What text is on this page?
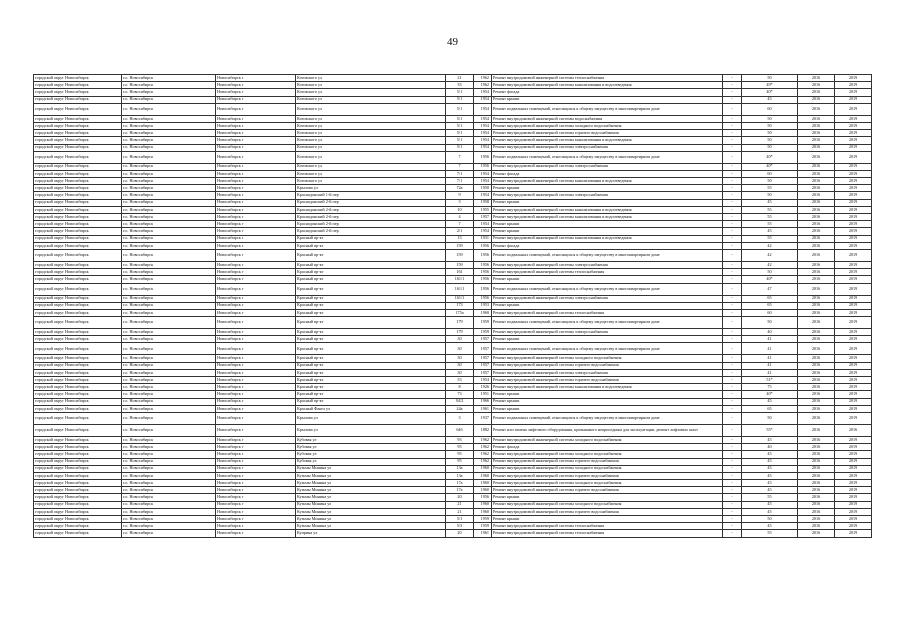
49
городской округ Новосибирск	г.о. Новосибирск	Новосибирск г	Котовского ул	21	1962	Ремонт внутридомовой инженерной системы теплоснабжения	-	50	2016	2019
городской округ Новосибирск	г.о. Новосибирск	Новосибирск г	Котовского ул	35	1962	Ремонт внутридомовой инженерной системы канализования и водоотведения	-	49*	2016	2019
городской округ Новосибирск	г.о. Новосибирск	Новосибирск г	Котовского ул	5/1	1954	Ремонт фасада	-	40*	2016	2019
городской округ Новосибирск	г.о. Новосибирск	Новосибирск г	Котовского ул	5/1	1954	Ремонт крыши	-	45	2016	2019
городской округ Новосибирск	г.о. Новосибирск	Новосибирск г	Котовского ул	5/1	1954	Ремонт подвальных помещений, относящихся к общему имуществу в многоквартирном доме	-	60	2016	2019
городской округ Новосибирск	г.о. Новосибирск	Новосибирск г	Котовского ул	5/1	1954	Ремонт внутридомовой инженерной системы водоснабжения	-	50	2016	2019
городской округ Новосибирск	г.о. Новосибирск	Новосибирск г	Котовского ул	5/1	1954	Ремонт внутридомовой инженерной системы холодного водоснабжения	-	50	2016	2019
городской округ Новосибирск	г.о. Новосибирск	Новосибирск г	Котовского ул	5/1	1954	Ремонт внутридомовой инженерной системы горячего водоснабжения	-	50	2016	2019
городской округ Новосибирск	г.о. Новосибирск	Новосибирск г	Котовского ул	5/1	1954	Ремонт внутридомовой инженерной системы канализования и водоотведения	-	50	2016	2019
городской округ Новосибирск	г.о. Новосибирск	Новосибирск г	Котовского ул	5/1	1954	Ремонт внутридомовой инженерной системы электроснабжения	-	50	2016	2019
городской округ Новосибирск	г.о. Новосибирск	Новосибирск г	Котовского ул	7	1956	Ремонт подвальных помещений, относящихся к общему имуществу в многоквартирном доме	-	40*	2016	2019
городской округ Новосибирск	г.о. Новосибирск	Новосибирск г	Котовского ул	7	1956	Ремонт внутридомовой инженерной системы электроснабжения	-	40*	2016	2019
городской округ Новосибирск	г.о. Новосибирск	Новосибирск г	Котовского ул	7/1	1954	Ремонт фасада	-	60	2016	2019
городской округ Новосибирск	г.о. Новосибирск	Новосибирск г	Котовского ул	7/1	1954	Ремонт внутридомовой инженерной системы канализования и водоотведения	-	50	2016	2019
городской округ Новосибирск	г.о. Новосибирск	Новосибирск г	Крылова ул	72а	1950	Ремонт крыши	-	55	2016	2019
городской округ Новосибирск	г.о. Новосибирск	Новосибирск г	Краснодонский 1-й пер	9	1954	Ремонт внутридомовой инженерной системы электроснабжения	-	50	2016	2019
городской округ Новосибирск	г.о. Новосибирск	Новосибирск г	Краснодонский 2-й пер	3	1958	Ремонт крыши	-	45	2016	2019
городской округ Новосибирск	г.о. Новосибирск	Новосибирск г	Краснодонский 2-й пер	10	1955	Ремонт внутридомовой инженерной системы канализования и водоотведения	-	55	2016	2019
городской округ Новосибирск	г.о. Новосибирск	Новосибирск г	Краснодонский 2-й пер	4	1957	Ремонт внутридомовой инженерной системы канализования и водоотведения	-	55	2016	2019
городской округ Новосибирск	г.о. Новосибирск	Новосибирск г	Краснодонский 2-й пер	7	1954	Ремонт крыши	-	55	2016	2019
городской округ Новосибирск	г.о. Новосибирск	Новосибирск г	Краснодонский 2-й пер	2/1	1954	Ремонт крыши	-	45	2016	2019
городской округ Новосибирск	г.о. Новосибирск	Новосибирск г	Красный пр-кт	13	1931	Ремонт внутридомовой инженерной системы канализования и водоотведения	-	55	2016	2019
городской округ Новосибирск	г.о. Новосибирск	Новосибирск г	Красный пр-кт	159	1956	Ремонт фасада	-	42	2016	2019
городской округ Новосибирск	г.о. Новосибирск	Новосибирск г	Красный пр-кт	159	1956	Ремонт подвальных помещений, относящихся к общему имуществу в многоквартирном доме	-	42	2016	2019
городской округ Новосибирск	г.о. Новосибирск	Новосибирск г	Красный пр-кт	159	1956	Ремонт внутридомовой инженерной системы электроснабжения	-	42	2016	2019
городской округ Новосибирск	г.о. Новосибирск	Новосибирск г	Красный пр-кт	161	1956	Ремонт внутридомовой инженерной системы теплоснабжения	-	50	2016	2019
городской округ Новосибирск	г.о. Новосибирск	Новосибирск г	Красный пр-кт	161/1	1956	Ремонт крыши	-	40*	2016	2019
городской округ Новосибирск	г.о. Новосибирск	Новосибирск г	Красный пр-кт	161/1	1956	Ремонт подвальных помещений, относящихся к общему имуществу в многоквартирном доме	-	47	2016	2019
городской округ Новосибирск	г.о. Новосибирск	Новосибирск г	Красный пр-кт	161/1	1956	Ремонт внутридомовой инженерной системы электроснабжения	-	65	2016	2019
городской округ Новосибирск	г.о. Новосибирск	Новосибирск г	Красный пр-кт	173	1953	Ремонт крыши	-	65	2016	2019
городской округ Новосибирск	г.о. Новосибирск	Новосибирск г	Красный пр-кт	175а	1960	Ремонт внутридомовой инженерной системы теплоснабжения	-	60	2016	2019
городской округ Новосибирск	г.о. Новосибирск	Новосибирск г	Красный пр-кт	179	1959	Ремонт подвальных помещений, относящихся к общему имуществу в многоквартирном доме	-	50	2016	2019
городской округ Новосибирск	г.о. Новосибирск	Новосибирск г	Красный пр-кт	179	1959	Ремонт внутридомовой инженерной системы электроснабжения	-	40	2016	2019
городской округ Новосибирск	г.о. Новосибирск	Новосибирск г	Красный пр-кт	30	1957	Ремонт крыши	-	41	2016	2019
городской округ Новосибирск	г.о. Новосибирск	Новосибирск г	Красный пр-кт	30	1957	Ремонт подвальных помещений, относящихся к общему имуществу в многоквартирном доме	-	41	2016	2019
городской округ Новосибирск	г.о. Новосибирск	Новосибирск г	Красный пр-кт	30	1957	Ремонт внутридомовой инженерной системы холодного водоснабжения	-	41	2016	2019
городской округ Новосибирск	г.о. Новосибирск	Новосибирск г	Красный пр-кт	30	1957	Ремонт внутридомовой инженерной системы горячего водоснабжения	-	41	2016	2019
городской округ Новосибирск	г.о. Новосибирск	Новосибирск г	Красный пр-кт	30	1957	Ремонт внутридомовой инженерной системы электроснабжения	-	41	2016	2019
городской округ Новосибирск	г.о. Новосибирск	Новосибирск г	Красный пр-кт	53	1954	Ремонт внутридомовой инженерной системы горячего водоснабжения	-	51*	2016	2019
городской округ Новосибирск	г.о. Новосибирск	Новосибирск г	Красный пр-кт	8	1926	Ремонт внутридомовой инженерной системы канализования и водоотведения	-	75	2016	2019
городской округ Новосибирск	г.о. Новосибирск	Новосибирск г	Красный пр-кт	73	1951	Ремонт крыши	-	40*	2016	2019
городской округ Новосибирск	г.о. Новосибирск	Новосибирск г	Красный пр-кт	94/2	1966	Ремонт крыши	-	45	2016	2019
городской округ Новосибирск	г.о. Новосибирск	Новосибирск г	Красный Факел ул	24а	1961	Ремонт крыши	-	65	2016	2019
городской округ Новосибирск	г.о. Новосибирск	Новосибирск г	Крылова ул	3	1937	Ремонт подвальных помещений, относящихся к общему имуществу в многоквартирном доме	-	50	2016	2019
городской округ Новосибирск	г.о. Новосибирск	Новосибирск г	Крылова ул	64б	1882	Ремонт или замена лифтового оборудования, признанного непригодным для эксплуатации, ремонт лифтовых шахт	-	55*	2016	2016
городской округ Новосибирск	г.о. Новосибирск	Новосибирск г	Кубовая ул	93	1962	Ремонт внутридомовой инженерной системы холодного водоснабжения	-	45	2016	2019
городской округ Новосибирск	г.о. Новосибирск	Новосибирск г	Кубовая ул	95	1962	Ремонт фасада	-	40	2016	2019
городской округ Новосибирск	г.о. Новосибирск	Новосибирск г	Кубовая ул	95	1962	Ремонт внутридомовой инженерной системы холодного водоснабжения	-	45	2016	2019
городской округ Новосибирск	г.о. Новосибирск	Новосибирск г	Кубовая ул	95	1962	Ремонт внутридомовой инженерной системы горячего водоснабжения	-	45	2016	2019
городской округ Новосибирск	г.о. Новосибирск	Новосибирск г	Кузьмы Минина ул	13а	1960	Ремонт внутридомовой инженерной системы холодного водоснабжения	-	45	2016	2019
городской округ Новосибирск	г.о. Новосибирск	Новосибирск г	Кузьмы Минина ул	13а	1960	Ремонт внутридомовой инженерной системы горячего водоснабжения	-	45	2016	2019
городской округ Новосибирск	г.о. Новосибирск	Новосибирск г	Кузьмы Минина ул	17а	1960	Ремонт внутридомовой инженерной системы холодного водоснабжения	-	45	2016	2019
городской округ Новосибирск	г.о. Новосибирск	Новосибирск г	Кузьмы Минина ул	17а	1960	Ремонт внутридомовой инженерной системы горячего водоснабжения	-	45	2016	2019
городской округ Новосибирск	г.о. Новосибирск	Новосибирск г	Кузьмы Минина ул	20	1956	Ремонт крыши	-	55	2016	2019
городской округ Новосибирск	г.о. Новосибирск	Новосибирск г	Кузьмы Минина ул	21	1960	Ремонт внутридомовой инженерной системы холодного водоснабжения	-	45	2016	2019
городской округ Новосибирск	г.о. Новосибирск	Новосибирск г	Кузьмы Минина ул	21	1960	Ремонт внутридомовой инженерной системы горячего водоснабжения	-	45	2016	2019
городской округ Новосибирск	г.о. Новосибирск	Новосибирск г	Кузьмы Минина ул	5/1	1959	Ремонт крыши	-	50	2016	2019
городской округ Новосибирск	г.о. Новосибирск	Новосибирск г	Кузьмы Минина ул	5/3	1959	Ремонт внутридомовой инженерной системы теплоснабжения	-	45	2016	2019
городской округ Новосибирск	г.о. Новосибирск	Новосибирск г	Куприна ул	20	1961	Ремонт внутридомовой инженерной системы теплоснабжения	-	55	2016	2019
